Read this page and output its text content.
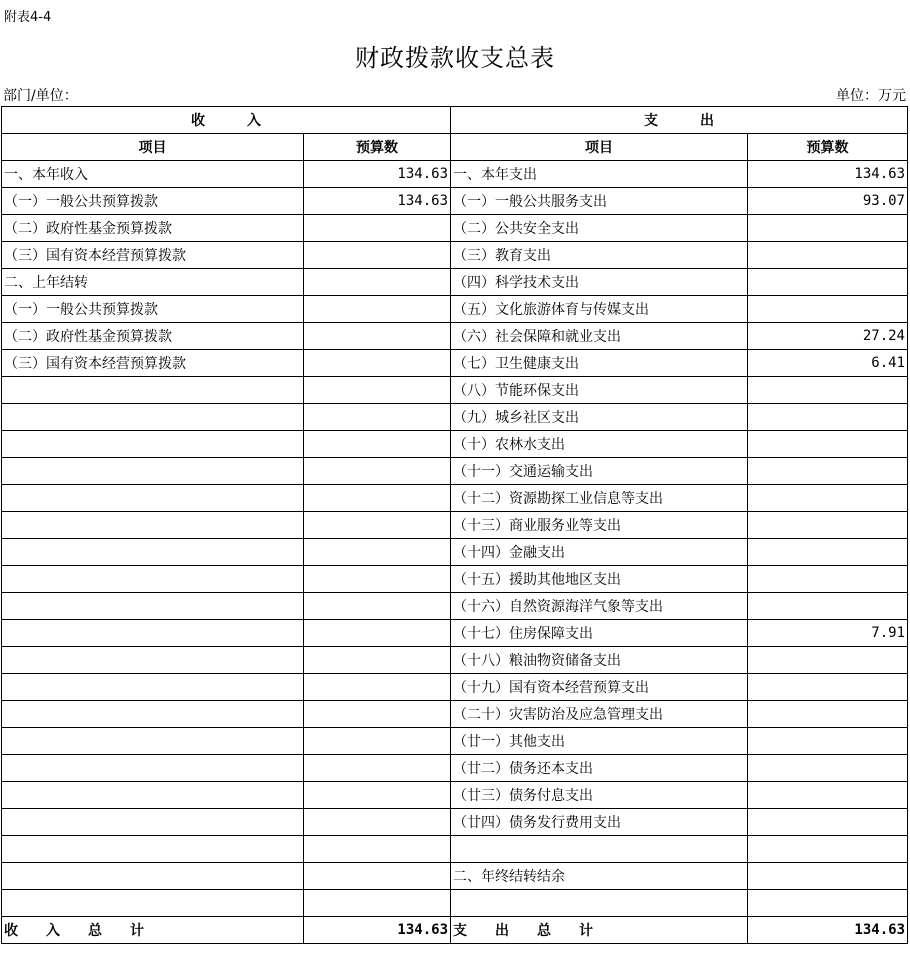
附表4-4
财政拨款收支总表
部门/单位：	单位：万元
收　　　入		支　　　出	
项目	预算数	项目	预算数
一、本年收入	134.63	一、本年支出	134.63
（一）一般公共预算拨款	134.63	（一）一般公共服务支出	93.07
（二）政府性基金预算拨款		（二）公共安全支出	
（三）国有资本经营预算拨款		（三）教育支出	
二、上年结转		（四）科学技术支出	
（一）一般公共预算拨款		（五）文化旅游体育与传媒支出	
（二）政府性基金预算拨款		（六）社会保障和就业支出	27.24
（三）国有资本经营预算拨款		（七）卫生健康支出	6.41
		（八）节能环保支出	
		（九）城乡社区支出	
		（十）农林水支出	
		（十一）交通运输支出	
		（十二）资源勘探工业信息等支出	
		（十三）商业服务业等支出	
		（十四）金融支出	
		（十五）援助其他地区支出	
		（十六）自然资源海洋气象等支出	
		（十七）住房保障支出	7.91
		（十八）粮油物资储备支出	
		（十九）国有资本经营预算支出	
		（二十）灾害防治及应急管理支出	
		（廿一）其他支出	
		（廿二）债务还本支出	
		（廿三）债务付息支出	
		（廿四）债务发行费用支出	

		二、年终结转结余	

收　　入　　总　　计	134.63	支　　出　　总　　计	134.63
